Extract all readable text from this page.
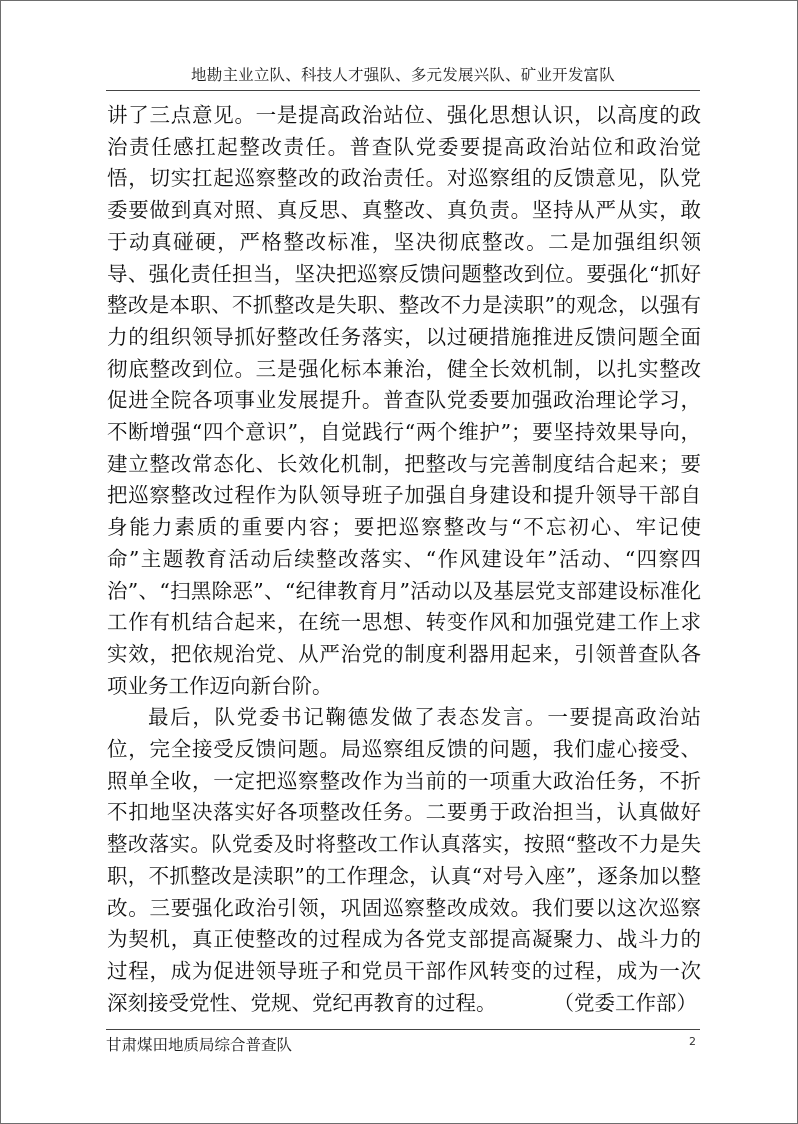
地勘主业立队、科技人才强队、多元发展兴队、矿业开发富队

讲了三点意见。一是提高政治站位、强化思想认识，以高度的政治责任感扛起整改责任。普查队党委要提高政治站位和政治觉悟，切实扛起巡察整改的政治责任。对巡察组的反馈意见，队党委要做到真对照、真反思、真整改、真负责。坚持从严从实，敢于动真碰硬，严格整改标准，坚决彻底整改。二是加强组织领导、强化责任担当，坚决把巡察反馈问题整改到位。要强化“抓好整改是本职、不抓整改是失职、整改不力是渎职”的观念，以强有力的组织领导抓好整改任务落实，以过硬措施推进反馈问题全面彻底整改到位。三是强化标本兼治，健全长效机制，以扎实整改促进全院各项事业发展提升。普查队党委要加强政治理论学习，不断增强“四个意识”，自觉践行“两个维护”；要坚持效果导向，建立整改常态化、长效化机制，把整改与完善制度结合起来；要把巡察整改过程作为队领导班子加强自身建设和提升领导干部自身能力素质的重要内容；要把巡察整改与“不忘初心、牢记使命”主题教育活动后续整改落实、“作风建设年”活动、“四察四治”、“扫黑除恶”、“纪律教育月”活动以及基层党支部建设标准化工作有机结合起来，在统一思想、转变作风和加强党建工作上求实效，把依规治党、从严治党的制度利器用起来，引领普查队各项业务工作迈向新台阶。

最后，队党委书记鞠德发做了表态发言。一要提高政治站位，完全接受反馈问题。局巡察组反馈的问题，我们虚心接受、照单全收，一定把巡察整改作为当前的一项重大政治任务，不折不扣地坚决落实好各项整改任务。二要勇于政治担当，认真做好整改落实。队党委及时将整改工作认真落实，按照“整改不力是失职，不抓整改是渎职”的工作理念，认真“对号入座”，逐条加以整改。三要强化政治引领，巩固巡察整改成效。我们要以这次巡察为契机，真正使整改的过程成为各党支部提高凝聚力、战斗力的过程，成为促进领导班子和党员干部作风转变的过程，成为一次深刻接受党性、党规、党纪再教育的过程。	（党委工作部）

甘肃煤田地质局综合普查队	2
